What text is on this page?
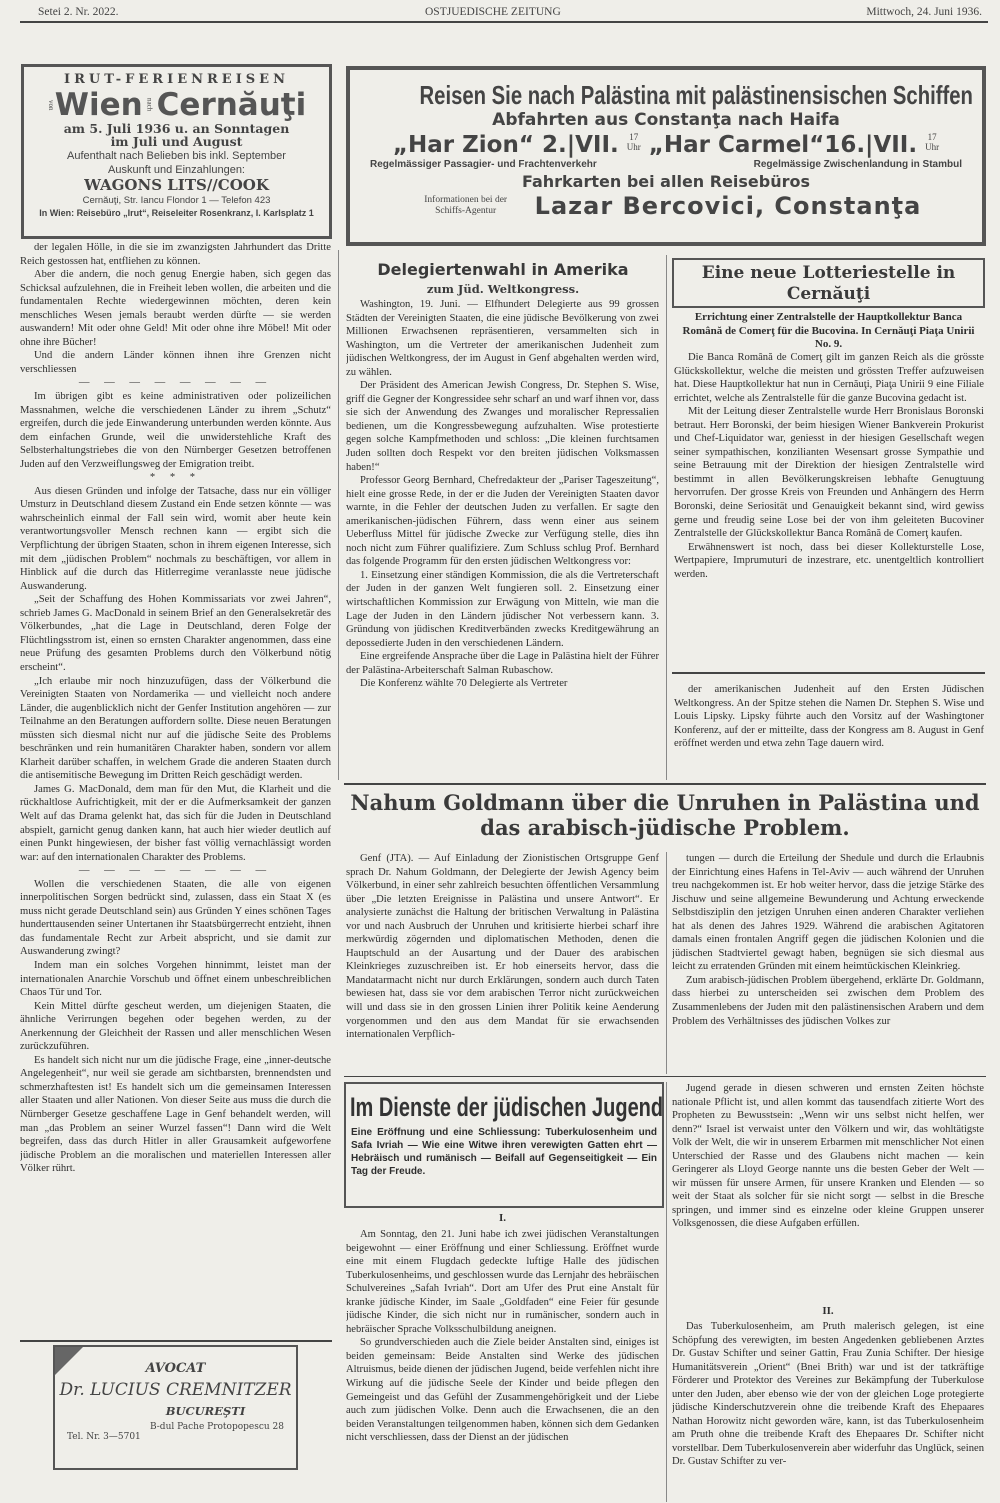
Setei 2. Nr. 2022.	OSTJUEDISCHE ZEITUNG	Mittwoch, 24. Juni 1936.
IRUT-FERIENREISEN
von Wien nach Cernăuţi
am 5. Juli 1936 u. an Sonntagen
im Juli und August
Aufenthalt nach Belieben bis inkl. September
Auskunft und Einzahlungen:
WAGONS LITS//COOK
Cernăuţi, Str. Iancu Flondor 1 — Telefon 423
In Wien: Reisebüro „Irut“, Reiseleiter Rosenkranz, I. Karlsplatz 1
Reisen Sie nach Palästina mit palästinensischen Schiffen
Abfahrten aus Constanţa nach Haifa
„Har Zion“ 2.|VII. 17
Uhr „Har Carmel“16.|VII. 17
Uhr
Regelmässiger Passagier- und Frachtenverkehr	Regelmässige Zwischenlandung in Stambul
Fahrkarten bei allen Reisebüros
Informationen bei der Schiffs-Agentur	Lazar Bercovici, Constanţa

der legalen Hölle, in die sie im zwanzigsten Jahrhundert das Dritte Reich gestossen hat, entfliehen zu können.

Aber die andern, die noch genug Energie haben, sich gegen das Schicksal aufzulehnen, die in Freiheit leben wollen, die arbeiten und die fundamentalen Rechte wiedergewinnen möchten, deren kein menschliches Wesen jemals beraubt werden dürfte — sie werden auswandern! Mit oder ohne Geld! Mit oder ohne ihre Möbel! Mit oder ohne ihre Bücher!

Und die andern Länder können ihnen ihre Grenzen nicht verschliessen

— — — — — — — —

Im übrigen gibt es keine administrativen oder polizeilichen Massnahmen, welche die verschiedenen Länder zu ihrem „Schutz“ ergreifen, durch die jede Einwanderung unterbunden werden könnte. Aus dem einfachen Grunde, weil die unwiderstehliche Kraft des Selbsterhaltungstriebes die von den Nürnberger Gesetzen betroffenen Juden auf den Verzweiflungsweg der Emigration treibt.

* * *

Aus diesen Gründen und infolge der Tatsache, dass nur ein völliger Umsturz in Deutschland diesem Zustand ein Ende setzen könnte — was wahrscheinlich einmal der Fall sein wird, womit aber heute kein verantwortungsvoller Mensch rechnen kann — ergibt sich die Verpflichtung der übrigen Staaten, schon in ihrem eigenen Interesse, sich mit dem „jüdischen Problem“ nochmals zu beschäftigen, vor allem in Hinblick auf die durch das Hitlerregime veranlasste neue jüdische Auswanderung.

„Seit der Schaffung des Hohen Kommissariats vor zwei Jahren“, schrieb James G. MacDonald in seinem Brief an den Generalsekretär des Völkerbundes, „hat die Lage in Deutschland, deren Folge der Flüchtlingsstrom ist, einen so ernsten Charakter angenommen, dass eine neue Prüfung des gesamten Problems durch den Völkerbund nötig erscheint“.

„Ich erlaube mir noch hinzuzufügen, dass der Völkerbund die Vereinigten Staaten von Nordamerika — und vielleicht noch andere Länder, die augenblicklich nicht der Genfer Institution angehören — zur Teilnahme an den Beratungen auffordern sollte. Diese neuen Beratungen müssten sich diesmal nicht nur auf die jüdische Seite des Problems beschränken und rein humanitären Charakter haben, sondern vor allem Klarheit darüber schaffen, in welchem Grade die anderen Staaten durch die antisemitische Bewegung im Dritten Reich geschädigt werden.

James G. MacDonald, dem man für den Mut, die Klarheit und die rückhaltlose Aufrichtigkeit, mit der er die Aufmerksamkeit der ganzen Welt auf das Drama gelenkt hat, das sich für die Juden in Deutschland abspielt, garnicht genug danken kann, hat auch hier wieder deutlich auf einen Punkt hingewiesen, der bisher fast völlig vernachlässigt worden war: auf den internationalen Charakter des Problems.

— — — — — — — —

Wollen die verschiedenen Staaten, die alle von eigenen innerpolitischen Sorgen bedrückt sind, zulassen, dass ein Staat X (es muss nicht gerade Deutschland sein) aus Gründen Y eines schönen Tages hunderttausenden seiner Untertanen ihr Staatsbürgerrecht entzieht, ihnen das fundamentale Recht zur Arbeit abspricht, und sie damit zur Auswanderung zwingt?

Indem man ein solches Vorgehen hinnimmt, leistet man der internationalen Anarchie Vorschub und öffnet einem unbeschreiblichen Chaos Tür und Tor.

Kein Mittel dürfte gescheut werden, um diejenigen Staaten, die ähnliche Verirrungen begehen oder begehen werden, zu der Anerkennung der Gleichheit der Rassen und aller menschlichen Wesen zurückzuführen.

Es handelt sich nicht nur um die jüdische Frage, eine „inner-deutsche Angelegenheit“, nur weil sie gerade am sichtbarsten, brennendsten und schmerzhaftesten ist! Es handelt sich um die gemeinsamen Interessen aller Staaten und aller Nationen. Von dieser Seite aus muss die durch die Nürnberger Gesetze geschaffene Lage in Genf behandelt werden, will man „das Problem an seiner Wurzel fassen“! Dann wird die Welt begreifen, dass das durch Hitler in aller Grausamkeit aufgeworfene jüdische Problem an die moralischen und materiellen Interessen aller Völker rührt.

AVOCAT
Dr. LUCIUS CREMNITZER
BUCUREŞTI
B-dul Pache Protopopescu 28
Tel. Nr. 3—5701
Delegiertenwahl in Amerika
zum Jüd. Weltkongress.

Washington, 19. Juni. — Elfhundert Delegierte aus 99 grossen Städten der Vereinigten Staaten, die eine jüdische Bevölkerung von zwei Millionen Erwachsenen repräsentieren, versammelten sich in Washington, um die Vertreter der amerikanischen Judenheit zum jüdischen Weltkongress, der im August in Genf abgehalten werden wird, zu wählen.

Der Präsident des American Jewish Congress, Dr. Stephen S. Wise, griff die Gegner der Kongressidee sehr scharf an und warf ihnen vor, dass sie sich der Anwendung des Zwanges und moralischer Repressalien bedienen, um die Kongressbewegung aufzuhalten. Wise protestierte gegen solche Kampfmethoden und schloss: „Die kleinen furchtsamen Juden sollten doch Respekt vor den breiten jüdischen Volksmassen haben!“

Professor Georg Bernhard, Chefredakteur der „Pariser Tageszeitung“, hielt eine grosse Rede, in der er die Juden der Vereinigten Staaten davor warnte, in die Fehler der deutschen Juden zu verfallen. Er sagte den amerikanischen-jüdischen Führern, dass wenn einer aus seinem Ueberfluss Mittel für jüdische Zwecke zur Verfügung stelle, dies ihn noch nicht zum Führer qualifiziere. Zum Schluss schlug Prof. Bernhard das folgende Programm für den ersten jüdischen Weltkongress vor:

1. Einsetzung einer ständigen Kommission, die als die Vertreterschaft der Juden in der ganzen Welt fungieren soll. 2. Einsetzung einer wirtschaftlichen Kommission zur Erwägung von Mitteln, wie man die Lage der Juden in den Ländern jüdischer Not verbessern kann. 3. Gründung von jüdischen Kreditverbänden zwecks Kreditgewährung an depossedierte Juden in den verschiedenen Ländern.

Eine ergreifende Ansprache über die Lage in Palästina hielt der Führer der Palästina-Arbeiterschaft Salman Rubaschow.

Die Konferenz wählte 70 Delegierte als Vertreter

Eine neue Lotteriestelle in Cernăuţi
Errichtung einer Zentralstelle der Hauptkollektur Banca Română de Comerţ für die Bucovina. In Cernăuţi Piaţa Unirii No. 9.

Die Banca Română de Comerţ gilt im ganzen Reich als die grösste Glückskollektur, welche die meisten und grössten Treffer aufzuweisen hat. Diese Hauptkollektur hat nun in Cernăuţi, Piaţa Unirii 9 eine Filiale errichtet, welche als Zentralstelle für die ganze Bucovina gedacht ist.

Mit der Leitung dieser Zentralstelle wurde Herr Bronislaus Boronski betraut. Herr Boronski, der beim hiesigen Wiener Bankverein Prokurist und Chef-Liquidator war, geniesst in der hiesigen Gesellschaft wegen seiner sympathischen, konzilianten Wesensart grosse Sympathie und seine Betrauung mit der Direktion der hiesigen Zentralstelle wird bestimmt in allen Bevölkerungskreisen lebhafte Genugtuung hervorrufen. Der grosse Kreis von Freunden und Anhängern des Herrn Boronski, deine Seriosität und Genauigkeit bekannt sind, wird gewiss gerne und freudig seine Lose bei der von ihm geleiteten Bucoviner Zentralstelle der Glückskollektur Banca Română de Comerţ kaufen.

Erwähnenswert ist noch, dass bei dieser Kollekturstelle Lose, Wertpapiere, Imprumuturi de inzestrare, etc. unentgeltlich kontrolliert werden.

der amerikanischen Judenheit auf den Ersten Jüdischen Weltkongress. An der Spitze stehen die Namen Dr. Stephen S. Wise und Louis Lipsky. Lipsky führte auch den Vorsitz auf der Washingtoner Konferenz, auf der er mitteilte, dass der Kongress am 8. August in Genf eröffnet werden und etwa zehn Tage dauern wird.

Nahum Goldmann über die Unruhen in Palästina und das arabisch-jüdische Problem.

Genf (JTA). — Auf Einladung der Zionistischen Ortsgruppe Genf sprach Dr. Nahum Goldmann, der Delegierte der Jewish Agency beim Völkerbund, in einer sehr zahlreich besuchten öffentlichen Versammlung über „Die letzten Ereignisse in Palästina und unsere Antwort“. Er analysierte zunächst die Haltung der britischen Verwaltung in Palästina vor und nach Ausbruch der Unruhen und kritisierte hierbei scharf ihre merkwürdig zögernden und diplomatischen Methoden, denen die Hauptschuld an der Ausartung und der Dauer des arabischen Kleinkrieges zuzuschreiben ist. Er hob einerseits hervor, dass die Mandatarmacht nicht nur durch Erklärungen, sondern auch durch Taten bewiesen hat, dass sie vor dem arabischen Terror nicht zurückweichen will und dass sie in den grossen Linien ihrer Politik keine Aenderung vorgenommen und den aus dem Mandat für sie erwachsenden internationalen Verpflich-

tungen — durch die Erteilung der Shedule und durch die Erlaubnis der Einrichtung eines Hafens in Tel-Aviv — auch während der Unruhen treu nachgekommen ist. Er hob weiter hervor, dass die jetzige Stärke des Jischuw und seine allgemeine Bewunderung und Achtung erweckende Selbstdisziplin den jetzigen Unruhen einen anderen Charakter verliehen hat als denen des Jahres 1929. Während die arabischen Agitatoren damals einen frontalen Angriff gegen die jüdischen Kolonien und die jüdischen Stadtviertel gewagt haben, begnügen sie sich diesmal aus leicht zu erratenden Gründen mit einem heimtückischen Kleinkrieg.

Zum arabisch-jüdischen Problem übergehend, erklärte Dr. Goldmann, dass hierbei zu unterscheiden sei zwischen dem Problem des Zusammenlebens der Juden mit den palästinensischen Arabern und dem Problem des Verhältnisses des jüdischen Volkes zur

Im Dienste der jüdischen Jugend
Eine Eröffnung und eine Schliessung: Tuberkulosenheim und Safa Ivriah — Wie eine Witwe ihren verewigten Gatten ehrt — Hebräisch und rumänisch — Beifall auf Gegenseitigkeit — Ein Tag der Freude.
I.

Am Sonntag, den 21. Juni habe ich zwei jüdischen Veranstaltungen beigewohnt — einer Eröffnung und einer Schliessung. Eröffnet wurde eine mit einem Flugdach gedeckte luftige Halle des jüdischen Tuberkulosenheims, und geschlossen wurde das Lernjahr des hebräischen Schulvereines „Safah Ivriah“. Dort am Ufer des Prut eine Anstalt für kranke jüdische Kinder, im Saale „Goldfaden“ eine Feier für gesunde jüdische Kinder, die sich nicht nur in rumänischer, sondern auch in hebräischer Sprache Volksschulbildung aneignen.

So grundverschieden auch die Ziele beider Anstalten sind, einiges ist beiden gemeinsam: Beide Anstalten sind Werke des jüdischen Altruismus, beide dienen der jüdischen Jugend, beide verfehlen nicht ihre Wirkung auf die jüdische Seele der Kinder und beide pflegen den Gemeingeist und das Gefühl der Zusammengehörigkeit und der Liebe auch zum jüdischen Volke. Denn auch die Erwachsenen, die an den beiden Veranstaltungen teilgenommen haben, können sich dem Gedanken nicht verschliessen, dass der Dienst an der jüdischen

Jugend gerade in diesen schweren und ernsten Zeiten höchste nationale Pflicht ist, und allen kommt das tausendfach zitierte Wort des Propheten zu Bewusstsein: „Wenn wir uns selbst nicht helfen, wer denn?“ Israel ist verwaist unter den Völkern und wir, das wohltätigste Volk der Welt, die wir in unserem Erbarmen mit menschlicher Not einen Unterschied der Rasse und des Glaubens nicht machen — kein Geringerer als Lloyd George nannte uns die besten Geber der Welt — wir müssen für unsere Armen, für unsere Kranken und Elenden — so weit der Staat als solcher für sie nicht sorgt — selbst in die Bresche springen, und immer sind es einzelne oder kleine Gruppen unserer Volksgenossen, die diese Aufgaben erfüllen.

II.

Das Tuberkulosenheim, am Pruth malerisch gelegen, ist eine Schöpfung des verewigten, im besten Angedenken gebliebenen Arztes Dr. Gustav Schifter und seiner Gattin, Frau Zunia Schifter. Der hiesige Humanitätsverein „Orient“ (Bnei Brith) war und ist der tatkräftige Förderer und Protektor des Vereines zur Bekämpfung der Tuberkulose unter den Juden, aber ebenso wie der von der gleichen Loge protegierte jüdische Kinderschutzverein ohne die treibende Kraft des Ehepaares Nathan Horowitz nicht geworden wäre, kann, ist das Tuberkulosenheim am Pruth ohne die treibende Kraft des Ehepaares Dr. Schifter nicht vorstellbar. Dem Tuberkulosenverein aber widerfuhr das Unglück, seinen Dr. Gustav Schifter zu ver-
